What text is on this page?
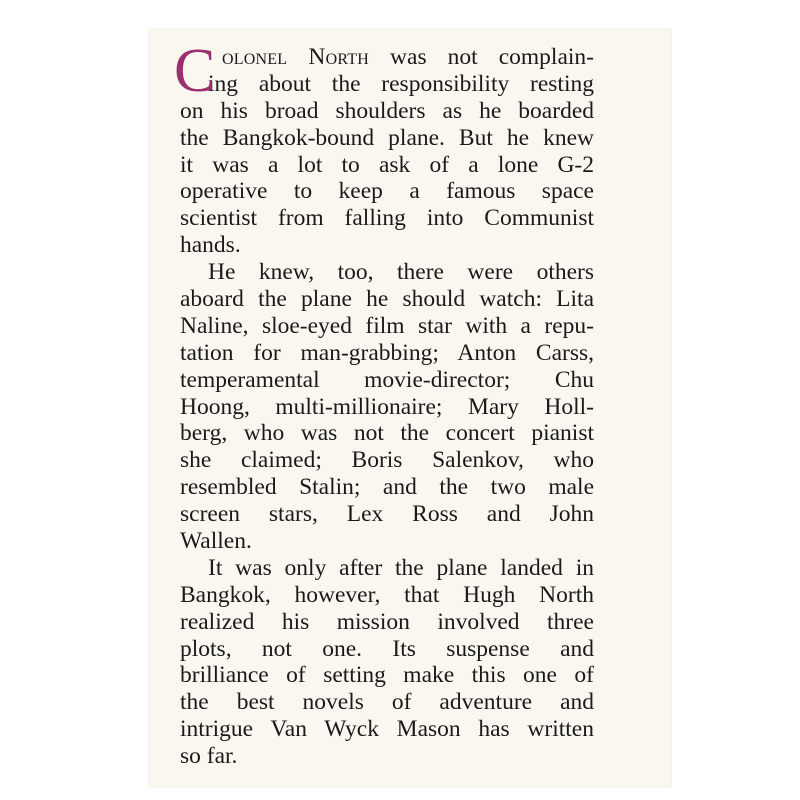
C olonel North was not complain-
ing about the responsibility resting
on his broad shoulders as he boarded
the Bangkok-bound plane. But he knew
it was a lot to ask of a lone G-2
operative to keep a famous space
scientist from falling into Communist
hands.
He knew, too, there were others
aboard the plane he should watch: Lita
Naline, sloe-eyed film star with a repu-
tation for man-grabbing; Anton Carss,
temperamental movie-director; Chu
Hoong, multi-millionaire; Mary Holl-
berg, who was not the concert pianist
she claimed; Boris Salenkov, who
resembled Stalin; and the two male
screen stars, Lex Ross and John
Wallen.
It was only after the plane landed in
Bangkok, however, that Hugh North
realized his mission involved three
plots, not one. Its suspense and
brilliance of setting make this one of
the best novels of adventure and
intrigue Van Wyck Mason has written
so far.
